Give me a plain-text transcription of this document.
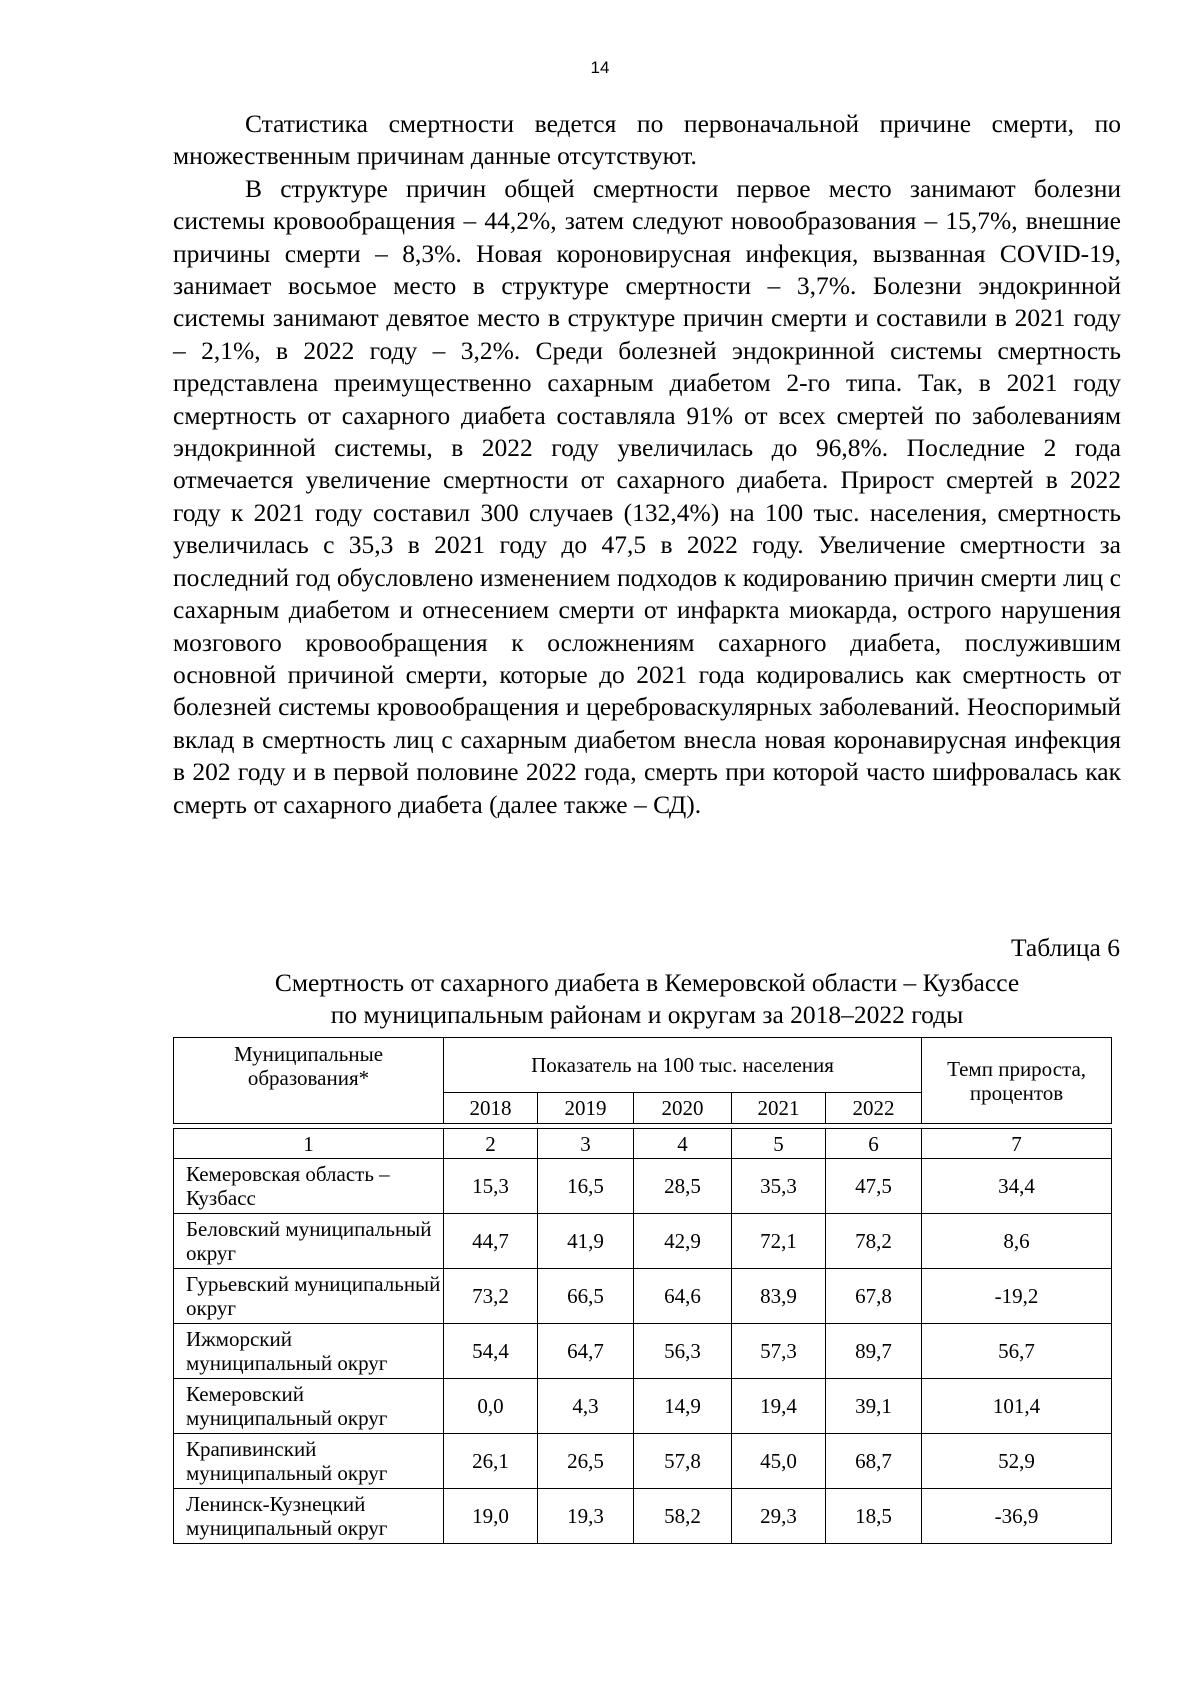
14

Статистика смертности ведется по первоначальной причине смерти, по множественным причинам данные отсутствуют.

В структуре причин общей смертности первое место занимают болезни системы кровообращения – 44,2%, затем следуют новообразования – 15,7%, внешние причины смерти – 8,3%. Новая короновирусная инфекция, вызванная COVID-19, занимает восьмое место в структуре смертности – 3,7%. Болезни эндокринной системы занимают девятое место в структуре причин смерти и составили в 2021 году – 2,1%, в 2022 году – 3,2%. Среди болезней эндокринной системы смертность представлена преимущественно сахарным диабетом 2-го типа. Так, в 2021 году смертность от сахарного диабета составляла 91% от всех смертей по заболеваниям эндокринной системы, в 2022 году увеличилась до 96,8%. Последние 2 года отмечается увеличение смертности от сахарного диабета. Прирост смертей в 2022 году к 2021 году составил 300 случаев (132,4%) на 100 тыс. населения, смертность увеличилась с 35,3 в 2021 году до 47,5 в 2022 году. Увеличение смертности за последний год обусловлено изменением подходов к кодированию причин смерти лиц с сахарным диабетом и отнесением смерти от инфаркта миокарда, острого нарушения мозгового кровообращения к осложнениям сахарного диабета, послужившим основной причиной смерти, которые до 2021 года кодировались как смертность от болезней системы кровообращения и цереброваскулярных заболеваний. Неоспоримый вклад в смертность лиц с сахарным диабетом внесла новая коронавирусная инфекция в 202 году и в первой половине 2022 года, смерть при которой часто шифровалась как смерть от сахарного диабета (далее также – СД).

Таблица 6
Смертность от сахарного диабета в Кемеровской области – Кузбассе
по муниципальным районам и округам за 2018–2022 годы
Муниципальные образования*	Показатель на 100 тыс. населения					Темп прироста, процентов
	2018	2019	2020	2021	2022	
1	2	3	4	5	6	7
Кемеровская область – Кузбасс	15,3	16,5	28,5	35,3	47,5	34,4
Беловский муниципальный округ	44,7	41,9	42,9	72,1	78,2	8,6
Гурьевский муниципальный округ	73,2	66,5	64,6	83,9	67,8	-19,2
Ижморский муниципальный округ	54,4	64,7	56,3	57,3	89,7	56,7
Кемеровский муниципальный округ	0,0	4,3	14,9	19,4	39,1	101,4
Крапивинский муниципальный округ	26,1	26,5	57,8	45,0	68,7	52,9
Ленинск-Кузнецкий муниципальный округ	19,0	19,3	58,2	29,3	18,5	-36,9
